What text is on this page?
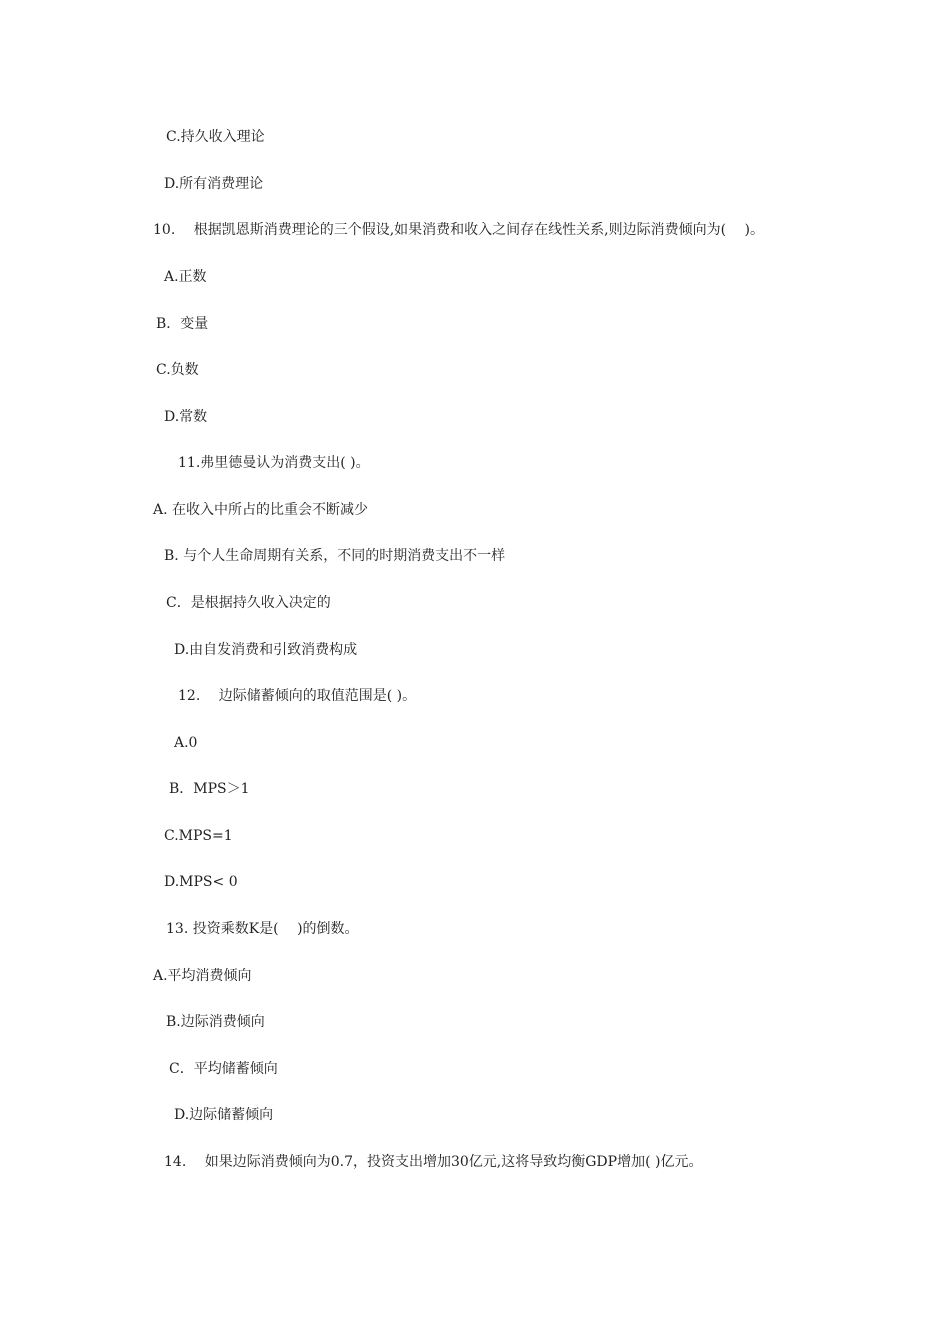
C.持久收入理论
D.所有消费理论
10.　 根据凯恩斯消费理论的三个假设,如果消费和收入之间存在线性关系,则边际消费倾向为(　 )。
A.正数
B．变量
C.负数
D.常数
11.弗里德曼认为消费支出( )。
A. 在收入中所占的比重会不断减少
B. 与个人生命周期有关系，不同的时期消费支出不一样
C．是根据持久收入决定的
D.由自发消费和引致消费构成
12.　 边际储蓄倾向的取值范围是( )。
A.0
B．MPS＞1
C.MPS=1
D.MPS< 0
13. 投资乘数K是(　 )的倒数。
A.平均消费倾向
B.边际消费倾向
C．平均储蓄倾向
D.边际储蓄倾向
14.　 如果边际消费倾向为0.7，投资支出增加30亿元,这将导致均衡GDP增加( )亿元。
